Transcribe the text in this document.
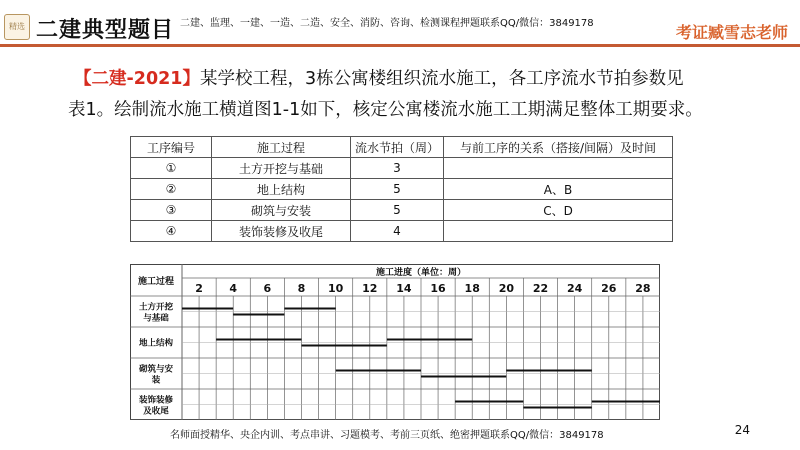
精选 二建典型题目 二建、监理、一建、一造、二造、安全、消防、咨询、检测课程押题联系QQ/微信：3849178	考证臧雪志老师
【二建-2021】某学校工程，3栋公寓楼组织流水施工，各工序流水节拍参数见
表1。绘制流水施工横道图1-1如下，核定公寓楼流水施工工期满足整体工期要求。
工序编号	施工过程	流水节拍（周）	与前工序的关系（搭接/间隔）及时间
①	土方开挖与基础	3	
②	地上结构	5	A、B
③	砌筑与安装	5	C、D
④	装饰装修及收尾	4	
施工过程
施工进度（单位：周）
2 4 6 8 10 12 14 16 18 20 22 24 26 28
土方开挖
与基础
地上结构
砌筑与安
装
装饰装修
及收尾
名师面授精华、央企内训、考点串讲、习题模考、考前三页纸、绝密押题联系QQ/微信：3849178	24
